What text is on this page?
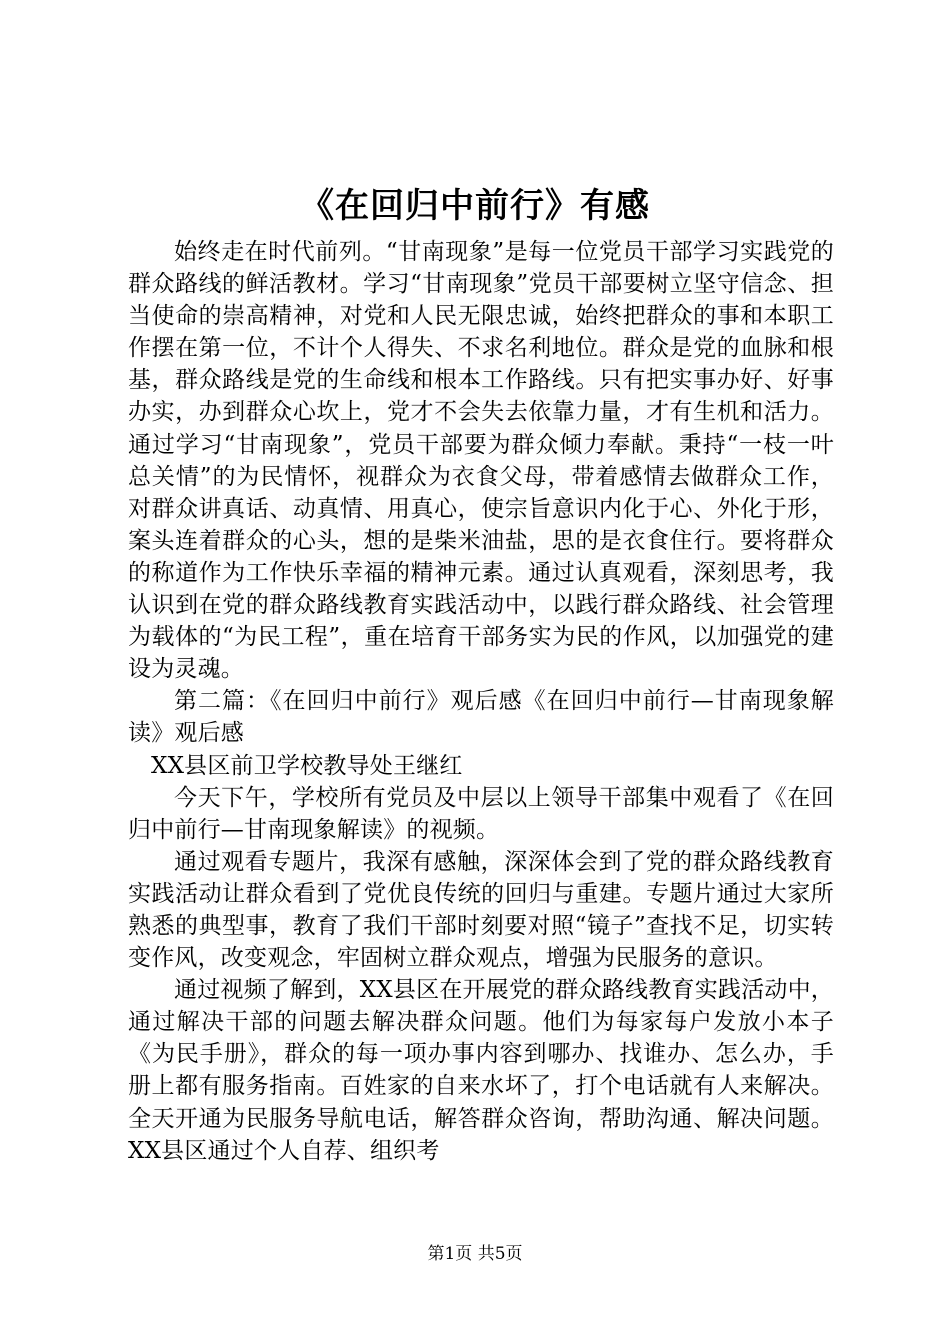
《在回归中前行》有感

始终走在时代前列。“甘南现象”是每一位党员干部学习实践党的群众路线的鲜活教材。学习“甘南现象”党员干部要树立坚守信念、担当使命的崇高精神，对党和人民无限忠诚，始终把群众的事和本职工作摆在第一位，不计个人得失、不求名利地位。群众是党的血脉和根基，群众路线是党的生命线和根本工作路线。只有把实事办好、好事办实，办到群众心坎上，党才不会失去依靠力量，才有生机和活力。通过学习“甘南现象”，党员干部要为群众倾力奉献。秉持“一枝一叶总关情”的为民情怀，视群众为衣食父母，带着感情去做群众工作，对群众讲真话、动真情、用真心，使宗旨意识内化于心、外化于形，案头连着群众的心头，想的是柴米油盐，思的是衣食住行。要将群众的称道作为工作快乐幸福的精神元素。通过认真观看，深刻思考，我认识到在党的群众路线教育实践活动中，以践行群众路线、社会管理为载体的“为民工程”，重在培育干部务实为民的作风，以加强党的建设为灵魂。

第二篇：《在回归中前行》观后感《在回归中前行—甘南现象解读》观后感

XX县区前卫学校教导处王继红

今天下午，学校所有党员及中层以上领导干部集中观看了《在回归中前行—甘南现象解读》的视频。

通过观看专题片，我深有感触，深深体会到了党的群众路线教育实践活动让群众看到了党优良传统的回归与重建。专题片通过大家所熟悉的典型事，教育了我们干部时刻要对照“镜子”查找不足，切实转变作风，改变观念，牢固树立群众观点，增强为民服务的意识。

通过视频了解到，XX县区在开展党的群众路线教育实践活动中，通过解决干部的问题去解决群众问题。他们为每家每户发放小本子《为民手册》，群众的每一项办事内容到哪办、找谁办、怎么办，手册上都有服务指南。百姓家的自来水坏了，打个电话就有人来解决。全天开通为民服务导航电话，解答群众咨询，帮助沟通、解决问题。XX县区通过个人自荐、组织考

第1页 共5页
